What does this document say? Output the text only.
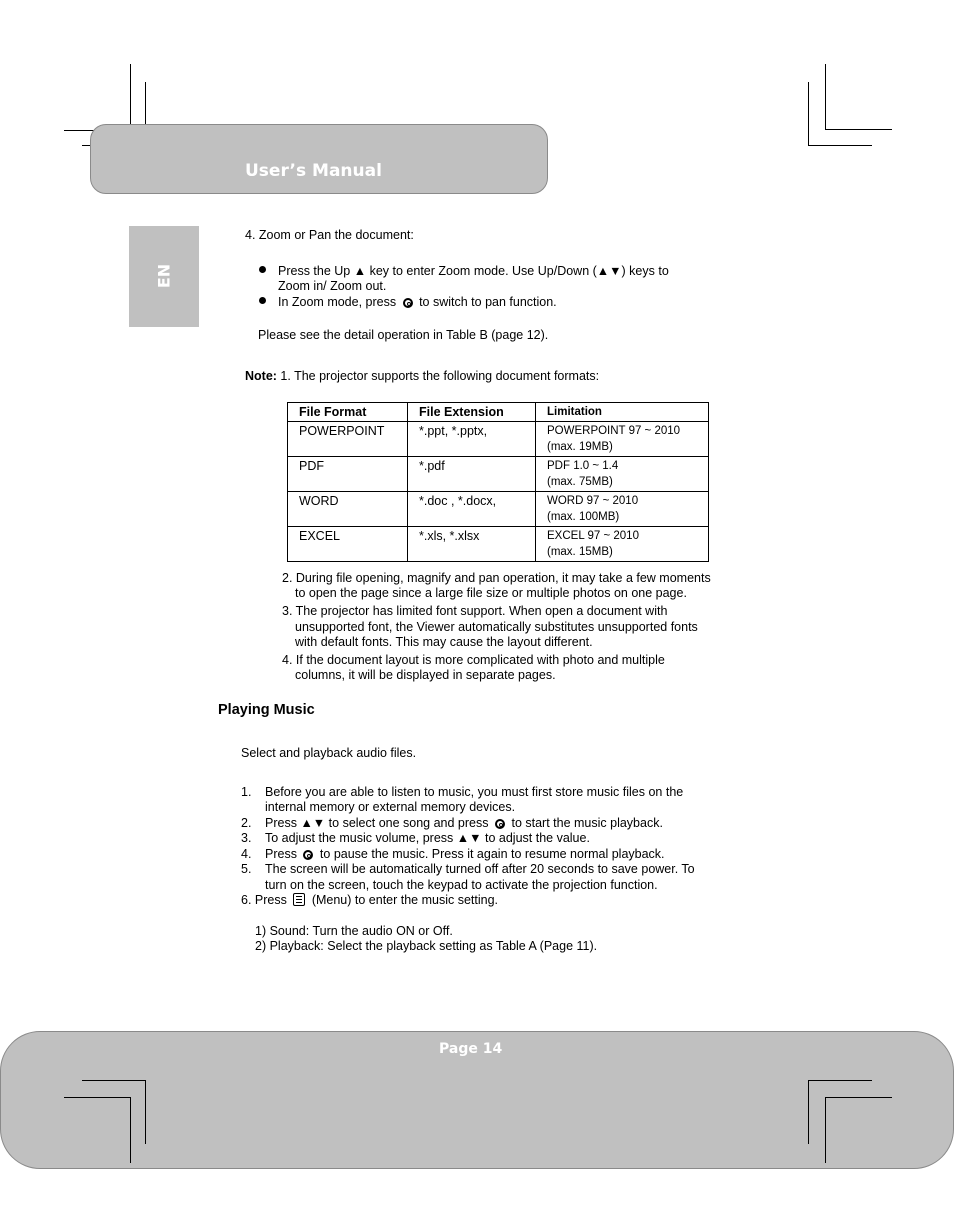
User’s Manual
EN
4. Zoom or Pan the document:
Press the Up ▲ key to enter Zoom mode. Use Up/Down (▲▼) keys to
Zoom in/ Zoom out.
In Zoom mode, press to switch to pan function.
Please see the detail operation in Table B (page 12).
Note: 1. The projector supports the following document formats:
File Format	File Extension	Limitation
POWERPOINT	*.ppt, *.pptx,	POWERPOINT 97 ~ 2010
(max. 19MB)

PDF	*.pdf	PDF 1.0 ~ 1.4
(max. 75MB)

WORD	*.doc , *.docx,	WORD 97 ~ 2010
(max. 100MB)

EXCEL	*.xls, *.xlsx	EXCEL 97 ~ 2010
(max. 15MB)
2. During file opening, magnify and pan operation, it may take a few moments
to open the page since a large file size or multiple photos on one page.
3. The projector has limited font support. When open a document with
unsupported font, the Viewer automatically substitutes unsupported fonts
with default fonts. This may cause the layout different.
4. If the document layout is more complicated with photo and multiple
columns, it will be displayed in separate pages.
Playing Music
Select and playback audio files.
1. Before you are able to listen to music, you must first store music files on the
internal memory or external memory devices.
2. Press ▲▼ to select one song and press to start the music playback.
3. To adjust the music volume, press ▲▼ to adjust the value.
4. Press to pause the music. Press it again to resume normal playback.
5. The screen will be automatically turned off after 20 seconds to save power. To
turn on the screen, touch the keypad to activate the projection function.
6. Press (Menu) to enter the music setting.
1) Sound: Turn the audio ON or Off.
2) Playback: Select the playback setting as Table A (Page 11).
Page 14
